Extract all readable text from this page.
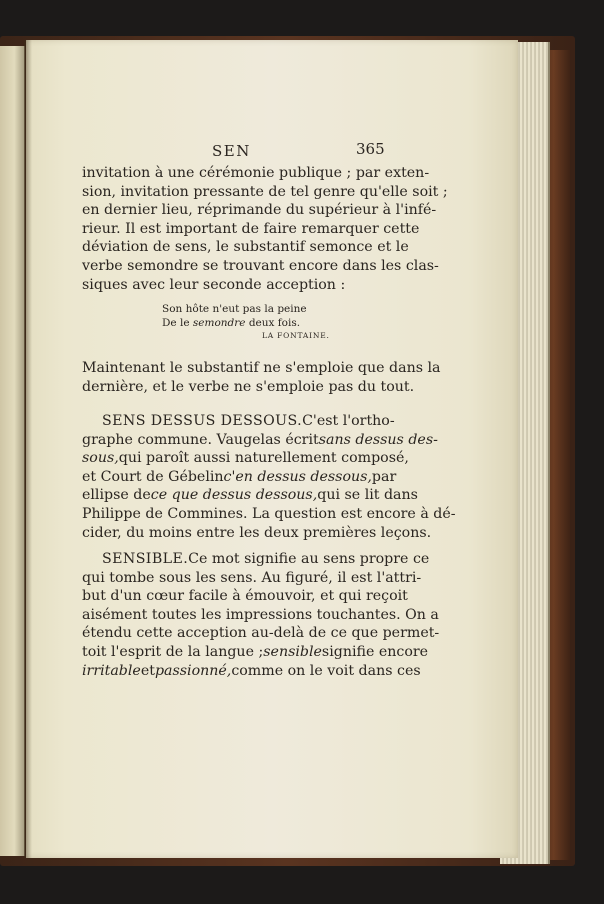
SEN	365
invitation à une cérémonie publique ; par exten-
sion, invitation pressante de tel genre qu'elle soit ;
en dernier lieu, réprimande du supérieur à l'infé-
rieur. Il est important de faire remarquer cette
déviation de sens, le substantif semonce et le
verbe semondre se trouvant encore dans les clas-
siques avec leur seconde acception :
Son hôte n'eut pas la peine
De le semondre deux fois.
LA FONTAINE.
Maintenant le substantif ne s'emploie que dans la
dernière, et le verbe ne s'emploie pas du tout.
SENS DESSUS DESSOUS. C'est l'ortho-
graphe commune. Vaugelas écrit sans dessus des-
sous, qui paroît aussi naturellement composé,
et Court de Gébelin c'en dessus dessous, par
ellipse de ce que dessus dessous, qui se lit dans
Philippe de Commines. La question est encore à dé-
cider, du moins entre les deux premières leçons.
SENSIBLE. Ce mot signifie au sens propre ce
qui tombe sous les sens. Au figuré, il est l'attri-
but d'un cœur facile à émouvoir, et qui reçoit
aisément toutes les impressions touchantes. On a
étendu cette acception au-delà de ce que permet-
toit l'esprit de la langue ; sensible signifie encore
irritable et passionné, comme on le voit dans ces
